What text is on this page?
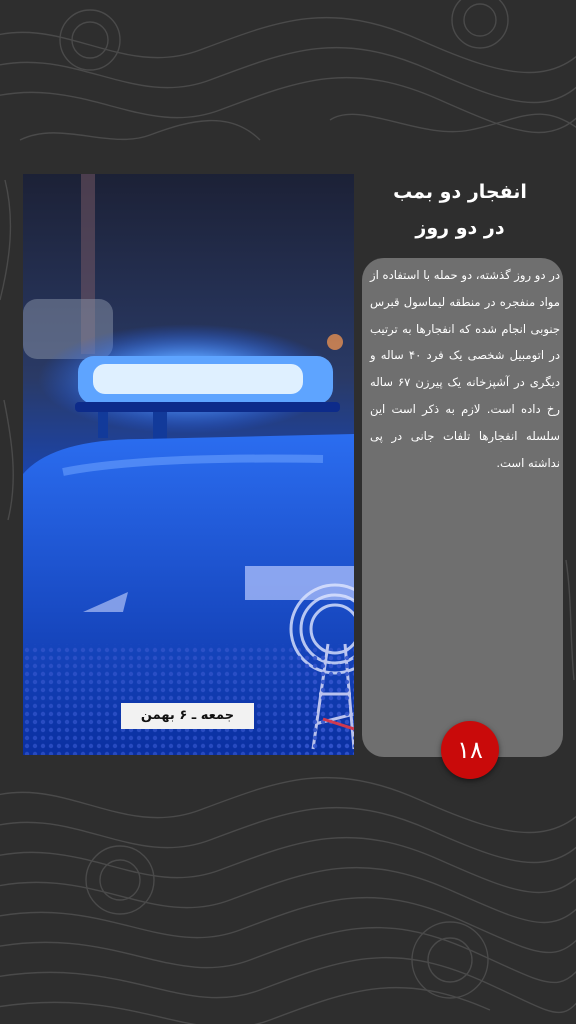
جمعه ـ ۶ بهمن
انفجار دو بمب
در دو روز
در دو روز گذشته، دو حمله با استفاده از مواد منفجره در منطقه لیماسول قبرس جنوبی انجام شده که انفجارها به ترتیب در اتومبیل شخصی یک فرد ۴۰ ساله و دیگری در آشپزخانه یک پیرزن ۶۷ ساله رخ داده است. لازم به ذکر است این سلسله انفجارها تلفات جانی در پی نداشته است.
۱۸
